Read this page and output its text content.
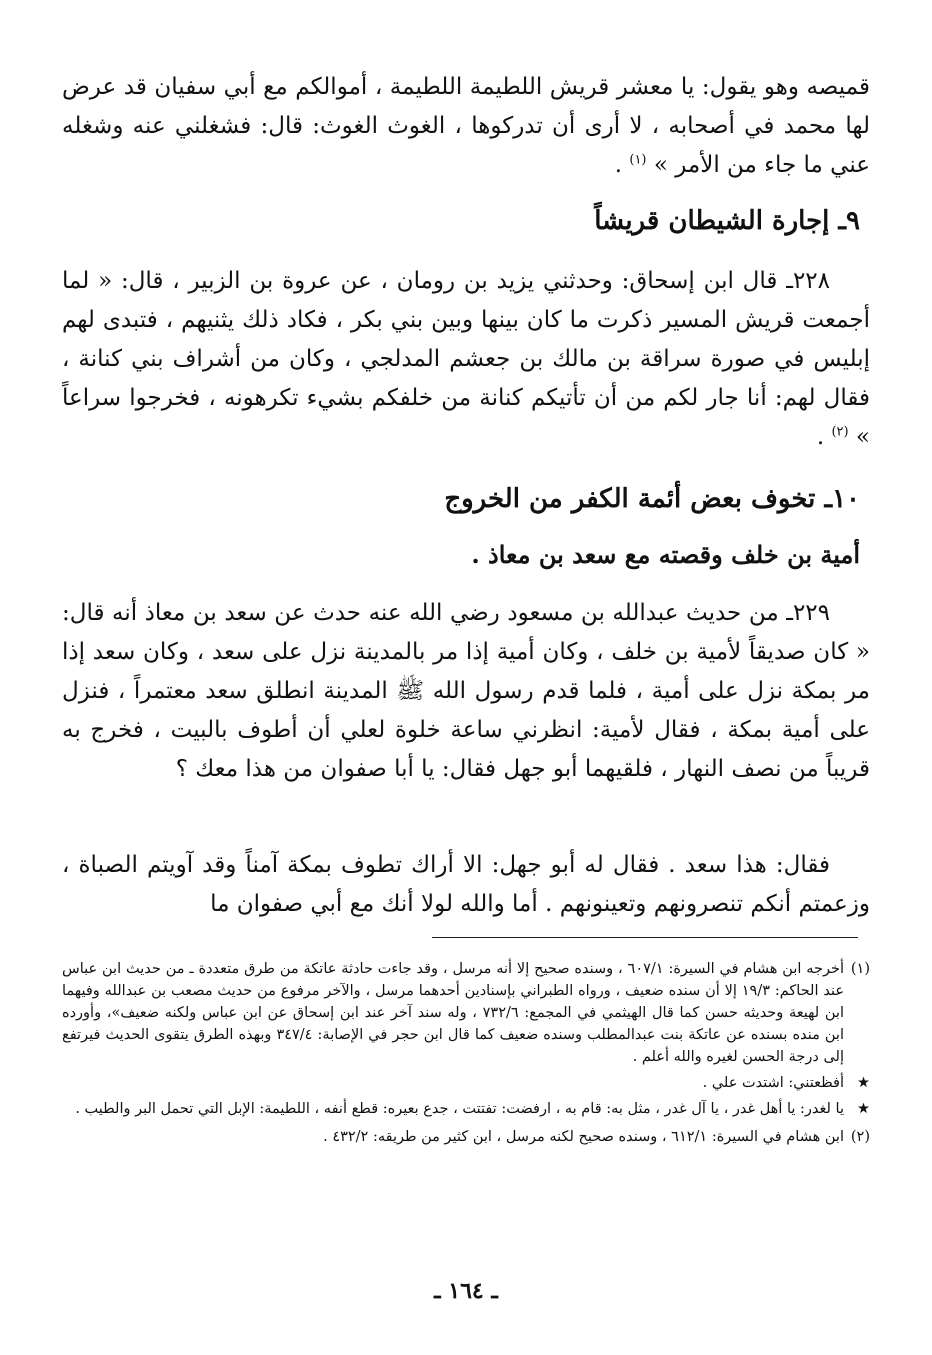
قميصه وهو يقول: يا معشر قريش اللطيمة اللطيمة ، أموالكم مع أبي سفيان قد عرض لها محمد في أصحابه ، لا أرى أن تدركوها ، الغوث الغوث: قال: فشغلني عنه وشغله عني ما جاء من الأمر » $^{(١)}$ .

٩ـ إجارة الشيطان قريشاً

٢٢٨ـ قال ابن إسحاق: وحدثني يزيد بن رومان ، عن عروة بن الزبير ، قال: « لما أجمعت قريش المسير ذكرت ما كان بينها وبين بني بكر ، فكاد ذلك يثنيهم ، فتبدى لهم إبليس في صورة سراقة بن مالك بن جعشم المدلجي ، وكان من أشراف بني كنانة ، فقال لهم: أنا جار لكم من أن تأتيكم كنانة من خلفكم بشيء تكرهونه ، فخرجوا سراعاً » $^{(٢)}$ .

١٠ـ تخوف بعض أئمة الكفر من الخروج
أمية بن خلف وقصته مع سعد بن معاذ .

٢٢٩ـ من حديث عبدالله بن مسعود رضي الله عنه حدث عن سعد بن معاذ أنه قال: « كان صديقاً لأمية بن خلف ، وكان أمية إذا مر بالمدينة نزل على سعد ، وكان سعد إذا مر بمكة نزل على أمية ، فلما قدم رسول الله ﷺ المدينة انطلق سعد معتمراً ، فنزل على أمية بمكة ، فقال لأمية: انظرني ساعة خلوة لعلي أن أطوف بالبيت ، فخرج به قريباً من نصف النهار ، فلقيهما أبو جهل فقال: يا أبا صفوان من هذا معك ؟

فقال: هذا سعد . فقال له أبو جهل: الا أراك تطوف بمكة آمناً وقد آويتم الصباة ، وزعمتم أنكم تنصرونهم وتعينونهم . أما والله لولا أنك مع أبي صفوان ما

(١)
أخرجه ابن هشام في السيرة: ٦٠٧/١ ، وسنده صحيح إلا أنه مرسل ، وقد جاءت حادثة عاتكة من طرق متعددة ـ من حديث ابن عباس عند الحاكم: ١٩/٣ إلا أن سنده ضعيف ، ورواه الطبراني بإسنادين أحدهما مرسل ، والآخر مرفوع من حديث مصعب بن عبدالله وفيهما ابن لهيعة وحديثه حسن كما قال الهيثمي في المجمع: ٧٣٢/٦ ، وله سند آخر عند ابن إسحاق عن ابن عباس ولكنه ضعيف»، وأورده ابن منده بسنده عن عاتكة بنت عبدالمطلب وسنده ضعيف كما قال ابن حجر في الإصابة: ٣٤٧/٤ وبهذه الطرق يتقوى الحديث فيرتفع إلى درجة الحسن لغيره والله أعلم .
★
أفظعتني: اشتدت علي .
★
يا لغدر: يا أهل غدر ، يا آل غدر ، مثل به: قام به ، ارفضت: تفتتت ، جدع بعيره: قطع أنفه ، اللطيمة: الإبل التي تحمل البر والطيب .
(٢)
ابن هشام في السيرة: ٦١٢/١ ، وسنده صحيح لكنه مرسل ، ابن كثير من طريقه: ٤٣٢/٢ .
ـ ١٦٤ ـ
